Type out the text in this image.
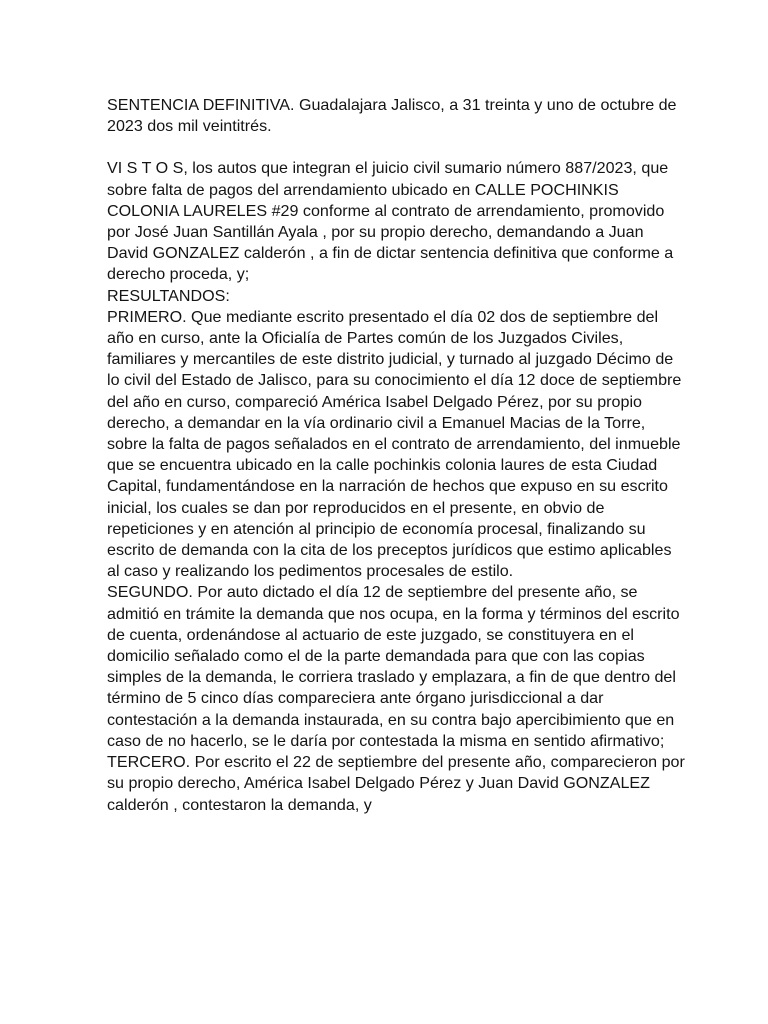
SENTENCIA DEFINITIVA. Guadalajara Jalisco, a 31 treinta y uno de octubre de 2023 dos mil veintitrés.

VI S T O S, los autos que integran el juicio civil sumario número 887/2023, que sobre falta de pagos del arrendamiento ubicado en CALLE POCHINKIS COLONIA LAURELES #29 conforme al contrato de arrendamiento, promovido por José Juan Santillán Ayala , por su propio derecho, demandando a Juan David GONZALEZ calderón , a fin de dictar sentencia definitiva que conforme a derecho proceda, y;

RESULTANDOS:

PRIMERO. Que mediante escrito presentado el día 02 dos de septiembre del año en curso, ante la Oficialía de Partes común de los Juzgados Civiles, familiares y mercantiles de este distrito judicial, y turnado al juzgado Décimo de lo civil del Estado de Jalisco, para su conocimiento el día 12 doce de septiembre del año en curso, compareció América Isabel Delgado Pérez, por su propio derecho, a demandar en la vía ordinario civil a Emanuel Macias de la Torre, sobre la falta de pagos señalados en el contrato de arrendamiento, del inmueble que se encuentra ubicado en la calle pochinkis colonia laures de esta Ciudad Capital, fundamentándose en la narración de hechos que expuso en su escrito inicial, los cuales se dan por reproducidos en el presente, en obvio de repeticiones y en atención al principio de economía procesal, finalizando su escrito de demanda con la cita de los preceptos jurídicos que estimo aplicables al caso y realizando los pedimentos procesales de estilo.

SEGUNDO. Por auto dictado el día 12 de septiembre del presente año, se admitió en trámite la demanda que nos ocupa, en la forma y términos del escrito de cuenta, ordenándose al actuario de este juzgado, se constituyera en el domicilio señalado como el de la parte demandada para que con las copias simples de la demanda, le corriera traslado y emplazara, a fin de que dentro del término de 5 cinco días compareciera ante órgano jurisdiccional a dar contestación a la demanda instaurada, en su contra bajo apercibimiento que en caso de no hacerlo, se le daría por contestada la misma en sentido afirmativo;

TERCERO. Por escrito el 22 de septiembre del presente año, comparecieron por su propio derecho, América Isabel Delgado Pérez y Juan David GONZALEZ calderón , contestaron la demanda, y
